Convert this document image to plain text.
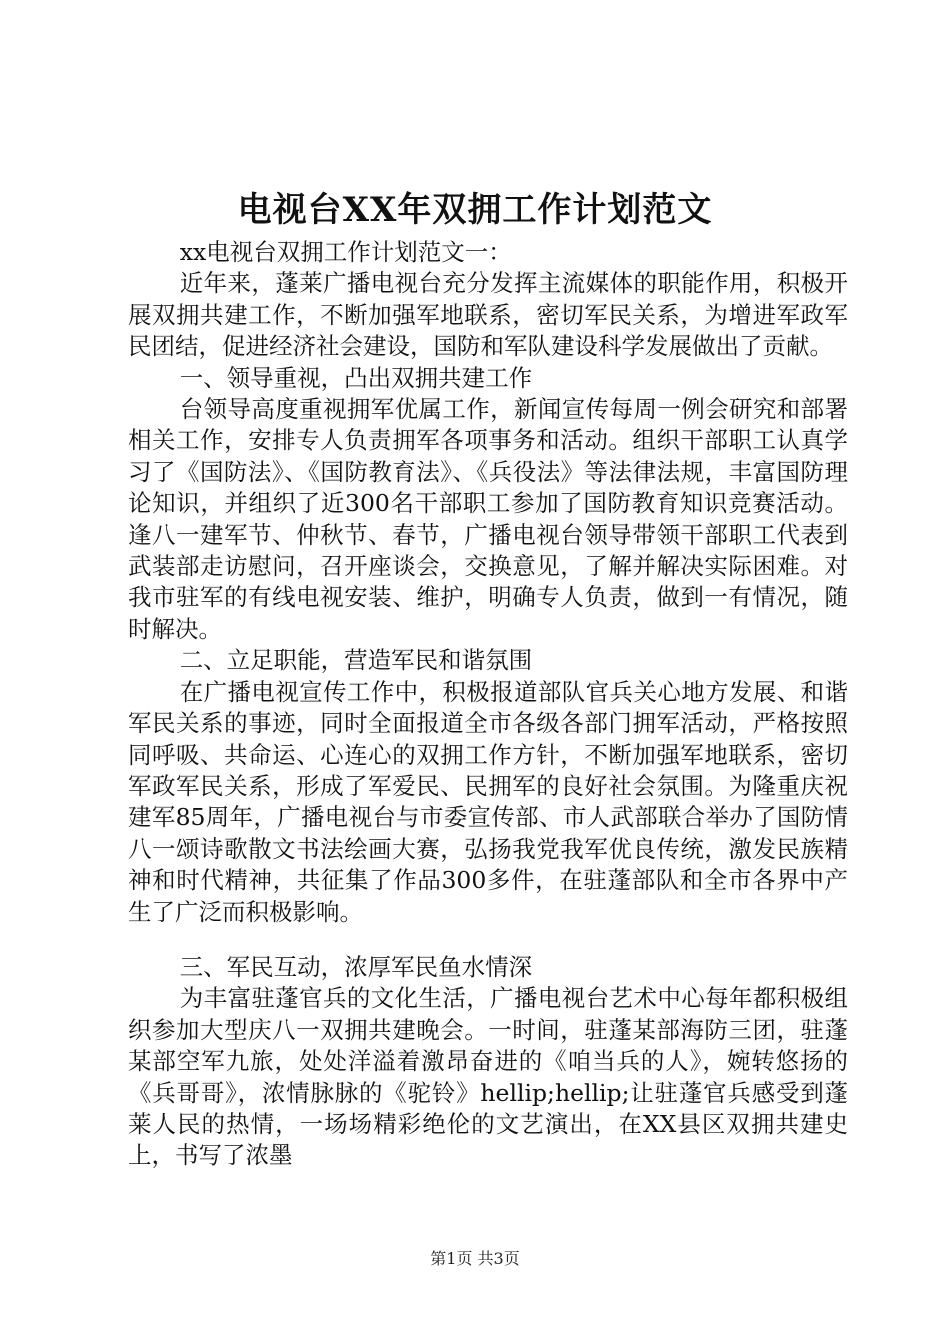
电视台XX年双拥工作计划范文

xx电视台双拥工作计划范文一：

近年来，蓬莱广播电视台充分发挥主流媒体的职能作用，积极开展双拥共建工作，不断加强军地联系，密切军民关系，为增进军政军民团结，促进经济社会建设，国防和军队建设科学发展做出了贡献。

一、领导重视，凸出双拥共建工作

台领导高度重视拥军优属工作，新闻宣传每周一例会研究和部署相关工作，安排专人负责拥军各项事务和活动。组织干部职工认真学习了《国防法》、《国防教育法》、《兵役法》等法律法规，丰富国防理论知识，并组织了近300名干部职工参加了国防教育知识竞赛活动。逢八一建军节、仲秋节、春节，广播电视台领导带领干部职工代表到武装部走访慰问，召开座谈会，交换意见，了解并解决实际困难。对我市驻军的有线电视安装、维护，明确专人负责，做到一有情况，随时解决。

二、立足职能，营造军民和谐氛围

在广播电视宣传工作中，积极报道部队官兵关心地方发展、和谐军民关系的事迹，同时全面报道全市各级各部门拥军活动，严格按照同呼吸、共命运、心连心的双拥工作方针，不断加强军地联系，密切军政军民关系，形成了军爱民、民拥军的良好社会氛围。为隆重庆祝建军85周年，广播电视台与市委宣传部、市人武部联合举办了国防情八一颂诗歌散文书法绘画大赛，弘扬我党我军优良传统，激发民族精神和时代精神，共征集了作品300多件，在驻蓬部队和全市各界中产生了广泛而积极影响。

三、军民互动，浓厚军民鱼水情深

为丰富驻蓬官兵的文化生活，广播电视台艺术中心每年都积极组织参加大型庆八一双拥共建晚会。一时间，驻蓬某部海防三团，驻蓬某部空军九旅，处处洋溢着激昂奋进的《咱当兵的人》，婉转悠扬的《兵哥哥》，浓情脉脉的《驼铃》hellip;hellip;让驻蓬官兵感受到蓬莱人民的热情，一场场精彩绝伦的文艺演出，在XX县区双拥共建史上，书写了浓墨

第1页 共3页
